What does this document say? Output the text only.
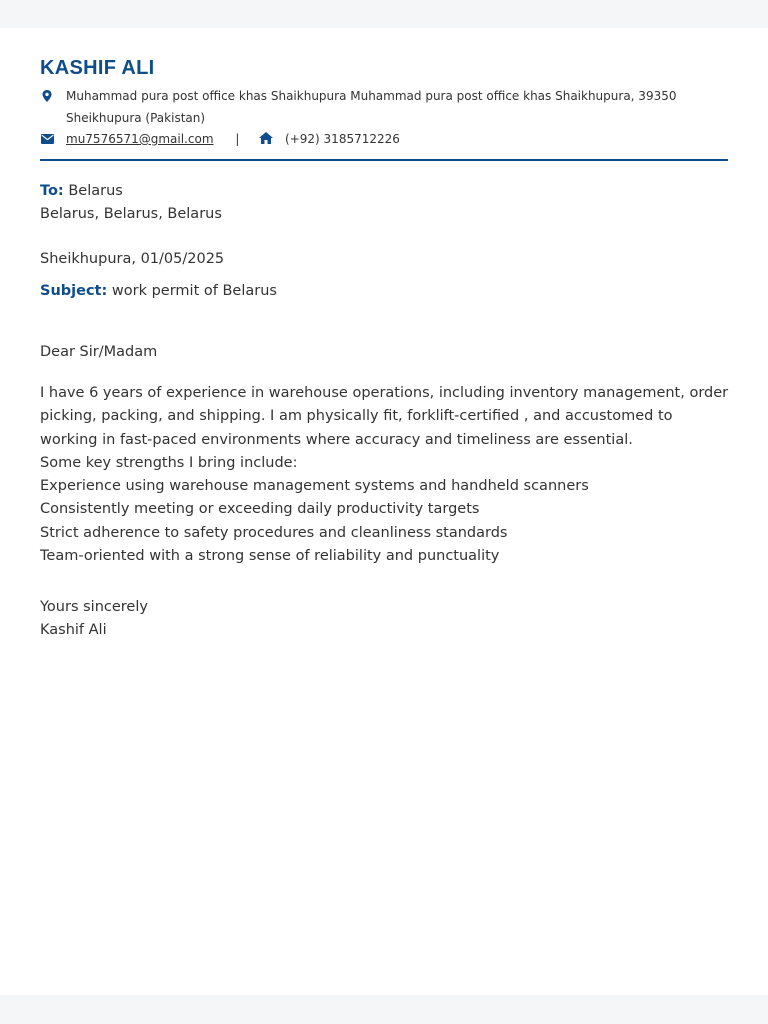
KASHIF ALI
Muhammad pura post office khas Shaikhupura Muhammad pura post office khas Shaikhupura, 39350 Sheikhupura (Pakistan)
mu7576571@gmail.com |	(+92) 3185712226
To: Belarus
Belarus, Belarus, Belarus
Sheikhupura, 01/05/2025
Subject: work permit of Belarus
Dear Sir/Madam

I have 6 years of experience in warehouse operations, including inventory management, order picking, packing, and shipping. I am physically fit, forklift-certified , and accustomed to working in fast-paced environments where accuracy and timeliness are essential.

Some key strengths I bring include:
Experience using warehouse management systems and handheld scanners
Consistently meeting or exceeding daily productivity targets
Strict adherence to safety procedures and cleanliness standards
Team-oriented with a strong sense of reliability and punctuality
Yours sincerely
Kashif Ali
